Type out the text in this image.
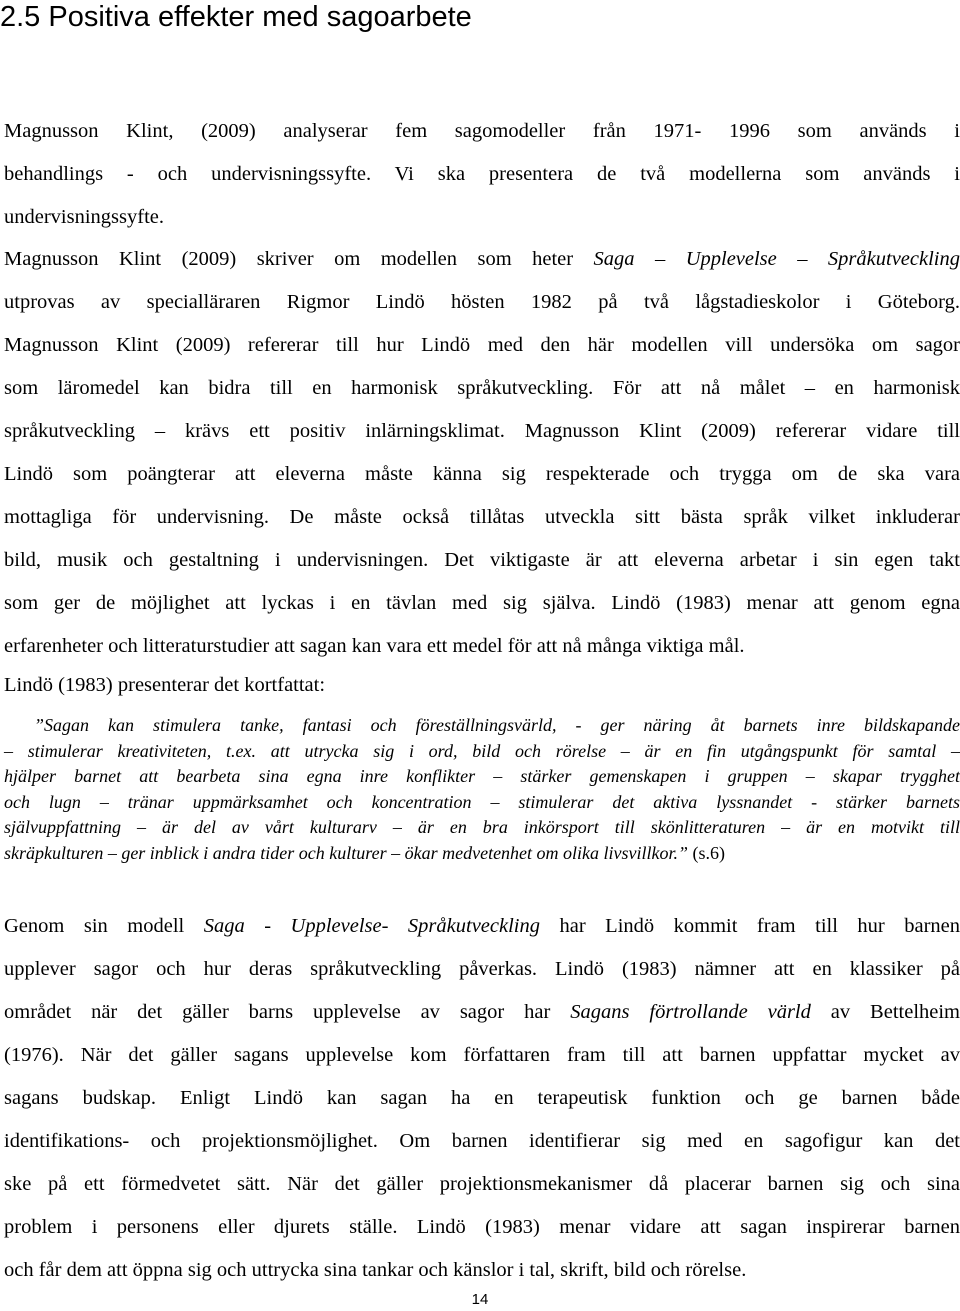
2.5 Positiva effekter med sagoarbete
Magnusson Klint, (2009) analyserar fem sagomodeller från 1971- 1996 som används i
behandlings - och undervisningssyfte. Vi ska presentera de två modellerna som används i
undervisningssyfte.
Magnusson Klint (2009) skriver om modellen som heter Saga – Upplevelse – Språkutveckling
utprovas av specialläraren Rigmor Lindö hösten 1982 på två lågstadieskolor i Göteborg.
Magnusson Klint (2009) refererar till hur Lindö med den här modellen vill undersöka om sagor
som läromedel kan bidra till en harmonisk språkutveckling. För att nå målet – en harmonisk
språkutveckling – krävs ett positiv inlärningsklimat. Magnusson Klint (2009) refererar vidare till
Lindö som poängterar att eleverna måste känna sig respekterade och trygga om de ska vara
mottagliga för undervisning. De måste också tillåtas utveckla sitt bästa språk vilket inkluderar
bild, musik och gestaltning i undervisningen. Det viktigaste är att eleverna arbetar i sin egen takt
som ger de möjlighet att lyckas i en tävlan med sig själva. Lindö (1983) menar att genom egna
erfarenheter och litteraturstudier att sagan kan vara ett medel för att nå många viktiga mål.
Lindö (1983) presenterar det kortfattat:
”Sagan kan stimulera tanke, fantasi och föreställningsvärld, - ger näring åt barnets inre bildskapande
– stimulerar kreativiteten, t.ex. att utrycka sig i ord, bild och rörelse – är en fin utgångspunkt för samtal –
hjälper barnet att bearbeta sina egna inre konflikter – stärker gemenskapen i gruppen – skapar trygghet
och lugn – tränar uppmärksamhet och koncentration – stimulerar det aktiva lyssnandet - stärker barnets
självuppfattning – är del av vårt kulturarv – är en bra inkörsport till skönlitteraturen – är en motvikt till
skräpkulturen – ger inblick i andra tider och kulturer – ökar medvetenhet om olika livsvillkor.” (s.6)
Genom sin modell Saga - Upplevelse- Språkutveckling har Lindö kommit fram till hur barnen
upplever sagor och hur deras språkutveckling påverkas. Lindö (1983) nämner att en klassiker på
området när det gäller barns upplevelse av sagor har Sagans förtrollande värld av Bettelheim
(1976). När det gäller sagans upplevelse kom författaren fram till att barnen uppfattar mycket av
sagans budskap. Enligt Lindö kan sagan ha en terapeutisk funktion och ge barnen både
identifikations- och projektionsmöjlighet. Om barnen identifierar sig med en sagofigur kan det
ske på ett förmedvetet sätt. När det gäller projektionsmekanismer då placerar barnen sig och sina
problem i personens eller djurets ställe. Lindö (1983) menar vidare att sagan inspirerar barnen
och får dem att öppna sig och uttrycka sina tankar och känslor i tal, skrift, bild och rörelse.
14
